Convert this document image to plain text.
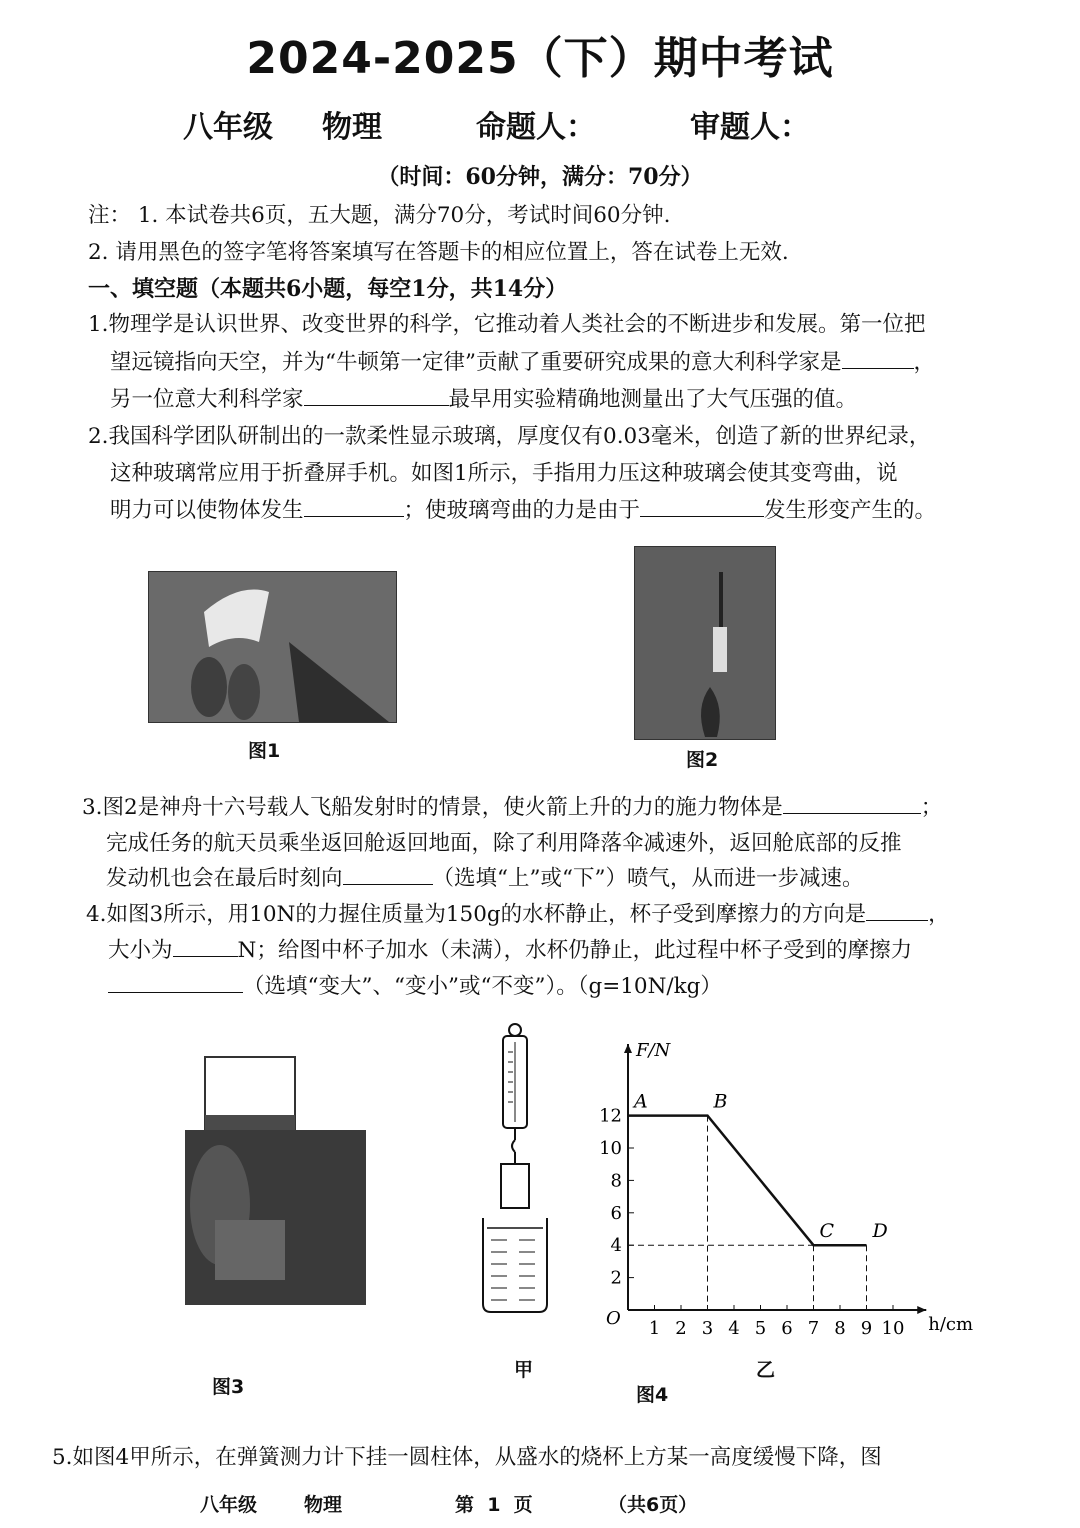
2024-2025（下）期中考试
八年级 物理	命题人：	审题人：
（时间：60分钟，满分：70分）
注： 1. 本试卷共6页，五大题，满分70分，考试时间60分钟.
2. 请用黑色的签字笔将答案填写在答题卡的相应位置上，答在试卷上无效.
一、填空题（本题共6小题，每空1分，共14分）
1.物理学是认识世界、改变世界的科学，它推动着人类社会的不断进步和发展。第一位把
望远镜指向天空，并为“牛顿第一定律”贡献了重要研究成果的意大利科学家是	，
另一位意大利科学家	最早用实验精确地测量出了大气压强的值。
2.我国科学团队研制出的一款柔性显示玻璃，厚度仅有0.03毫米，创造了新的世界纪录，
这种玻璃常应用于折叠屏手机。如图1所示，手指用力压这种玻璃会使其变弯曲，说
明力可以使物体发生	；使玻璃弯曲的力是由于	发生形变产生的。
图1	图2
3.图2是神舟十六号载人飞船发射时的情景，使火箭上升的力的施力物体是	；
完成任务的航天员乘坐返回舱返回地面，除了利用降落伞减速外，返回舱底部的反推
发动机也会在最后时刻向	（选填“上”或“下”）喷气，从而进一步减速。
4.如图3所示，用10N的力握住质量为150g的水杯静止，杯子受到摩擦力的方向是	，
大小为	N；给图中杯子加水（未满），水杯仍静止，此过程中杯子受到的摩擦力
（选填“变大”、“变小”或“不变”）。（g=10N/kg）
图3
甲
F/N
h/cm
O 1 2 3 4 5 6 7 8 9 10
2
4
6
8
10
12
A	B
C D
乙
图4
5.如图4甲所示，在弹簧测力计下挂一圆柱体，从盛水的烧杯上方某一高度缓慢下降，图
八年级 物理	第  1  页	（共6页）
